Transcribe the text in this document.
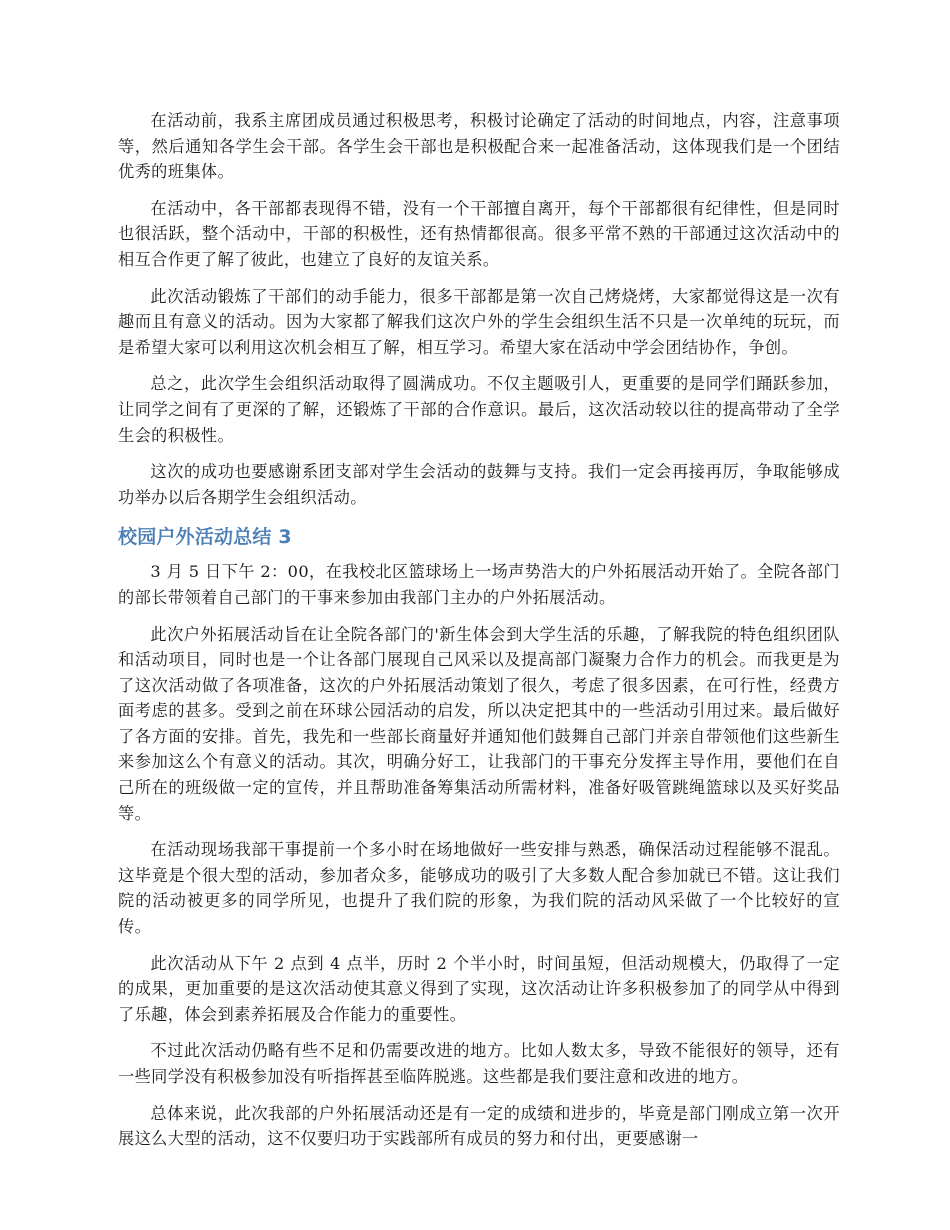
在活动前，我系主席团成员通过积极思考，积极讨论确定了活动的时间地点，内容，注意事项等，然后通知各学生会干部。各学生会干部也是积极配合来一起准备活动，这体现我们是一个团结优秀的班集体。

在活动中，各干部都表现得不错，没有一个干部擅自离开，每个干部都很有纪律性，但是同时也很活跃，整个活动中，干部的积极性，还有热情都很高。很多平常不熟的干部通过这次活动中的相互合作更了解了彼此，也建立了良好的友谊关系。

此次活动锻炼了干部们的动手能力，很多干部都是第一次自己烤烧烤，大家都觉得这是一次有趣而且有意义的活动。因为大家都了解我们这次户外的学生会组织生活不只是一次单纯的玩玩，而是希望大家可以利用这次机会相互了解，相互学习。希望大家在活动中学会团结协作，争创。

总之，此次学生会组织活动取得了圆满成功。不仅主题吸引人，更重要的是同学们踊跃参加，让同学之间有了更深的了解，还锻炼了干部的合作意识。最后，这次活动较以往的提高带动了全学生会的积极性。

这次的成功也要感谢系团支部对学生会活动的鼓舞与支持。我们一定会再接再厉，争取能够成功举办以后各期学生会组织活动。

校园户外活动总结 3

3 月 5 日下午 2：00，在我校北区篮球场上一场声势浩大的户外拓展活动开始了。全院各部门的部长带领着自己部门的干事来参加由我部门主办的户外拓展活动。

此次户外拓展活动旨在让全院各部门的'新生体会到大学生活的乐趣，了解我院的特色组织团队和活动项目，同时也是一个让各部门展现自己风采以及提高部门凝聚力合作力的机会。而我更是为了这次活动做了各项准备，这次的户外拓展活动策划了很久，考虑了很多因素，在可行性，经费方面考虑的甚多。受到之前在环球公园活动的启发，所以决定把其中的一些活动引用过来。最后做好了各方面的安排。首先，我先和一些部长商量好并通知他们鼓舞自己部门并亲自带领他们这些新生来参加这么个有意义的活动。其次，明确分好工，让我部门的干事充分发挥主导作用，要他们在自己所在的班级做一定的宣传，并且帮助准备筹集活动所需材料，准备好吸管跳绳篮球以及买好奖品等。

在活动现场我部干事提前一个多小时在场地做好一些安排与熟悉，确保活动过程能够不混乱。这毕竟是个很大型的活动，参加者众多，能够成功的吸引了大多数人配合参加就已不错。这让我们院的活动被更多的同学所见，也提升了我们院的形象，为我们院的活动风采做了一个比较好的宣传。

此次活动从下午 2 点到 4 点半，历时 2 个半小时，时间虽短，但活动规模大，仍取得了一定的成果，更加重要的是这次活动使其意义得到了实现，这次活动让许多积极参加了的同学从中得到了乐趣，体会到素养拓展及合作能力的重要性。

不过此次活动仍略有些不足和仍需要改进的地方。比如人数太多，导致不能很好的领导，还有一些同学没有积极参加没有听指挥甚至临阵脱逃。这些都是我们要注意和改进的地方。

总体来说，此次我部的户外拓展活动还是有一定的成绩和进步的，毕竟是部门刚成立第一次开展这么大型的活动，这不仅要归功于实践部所有成员的努力和付出，更要感谢一
